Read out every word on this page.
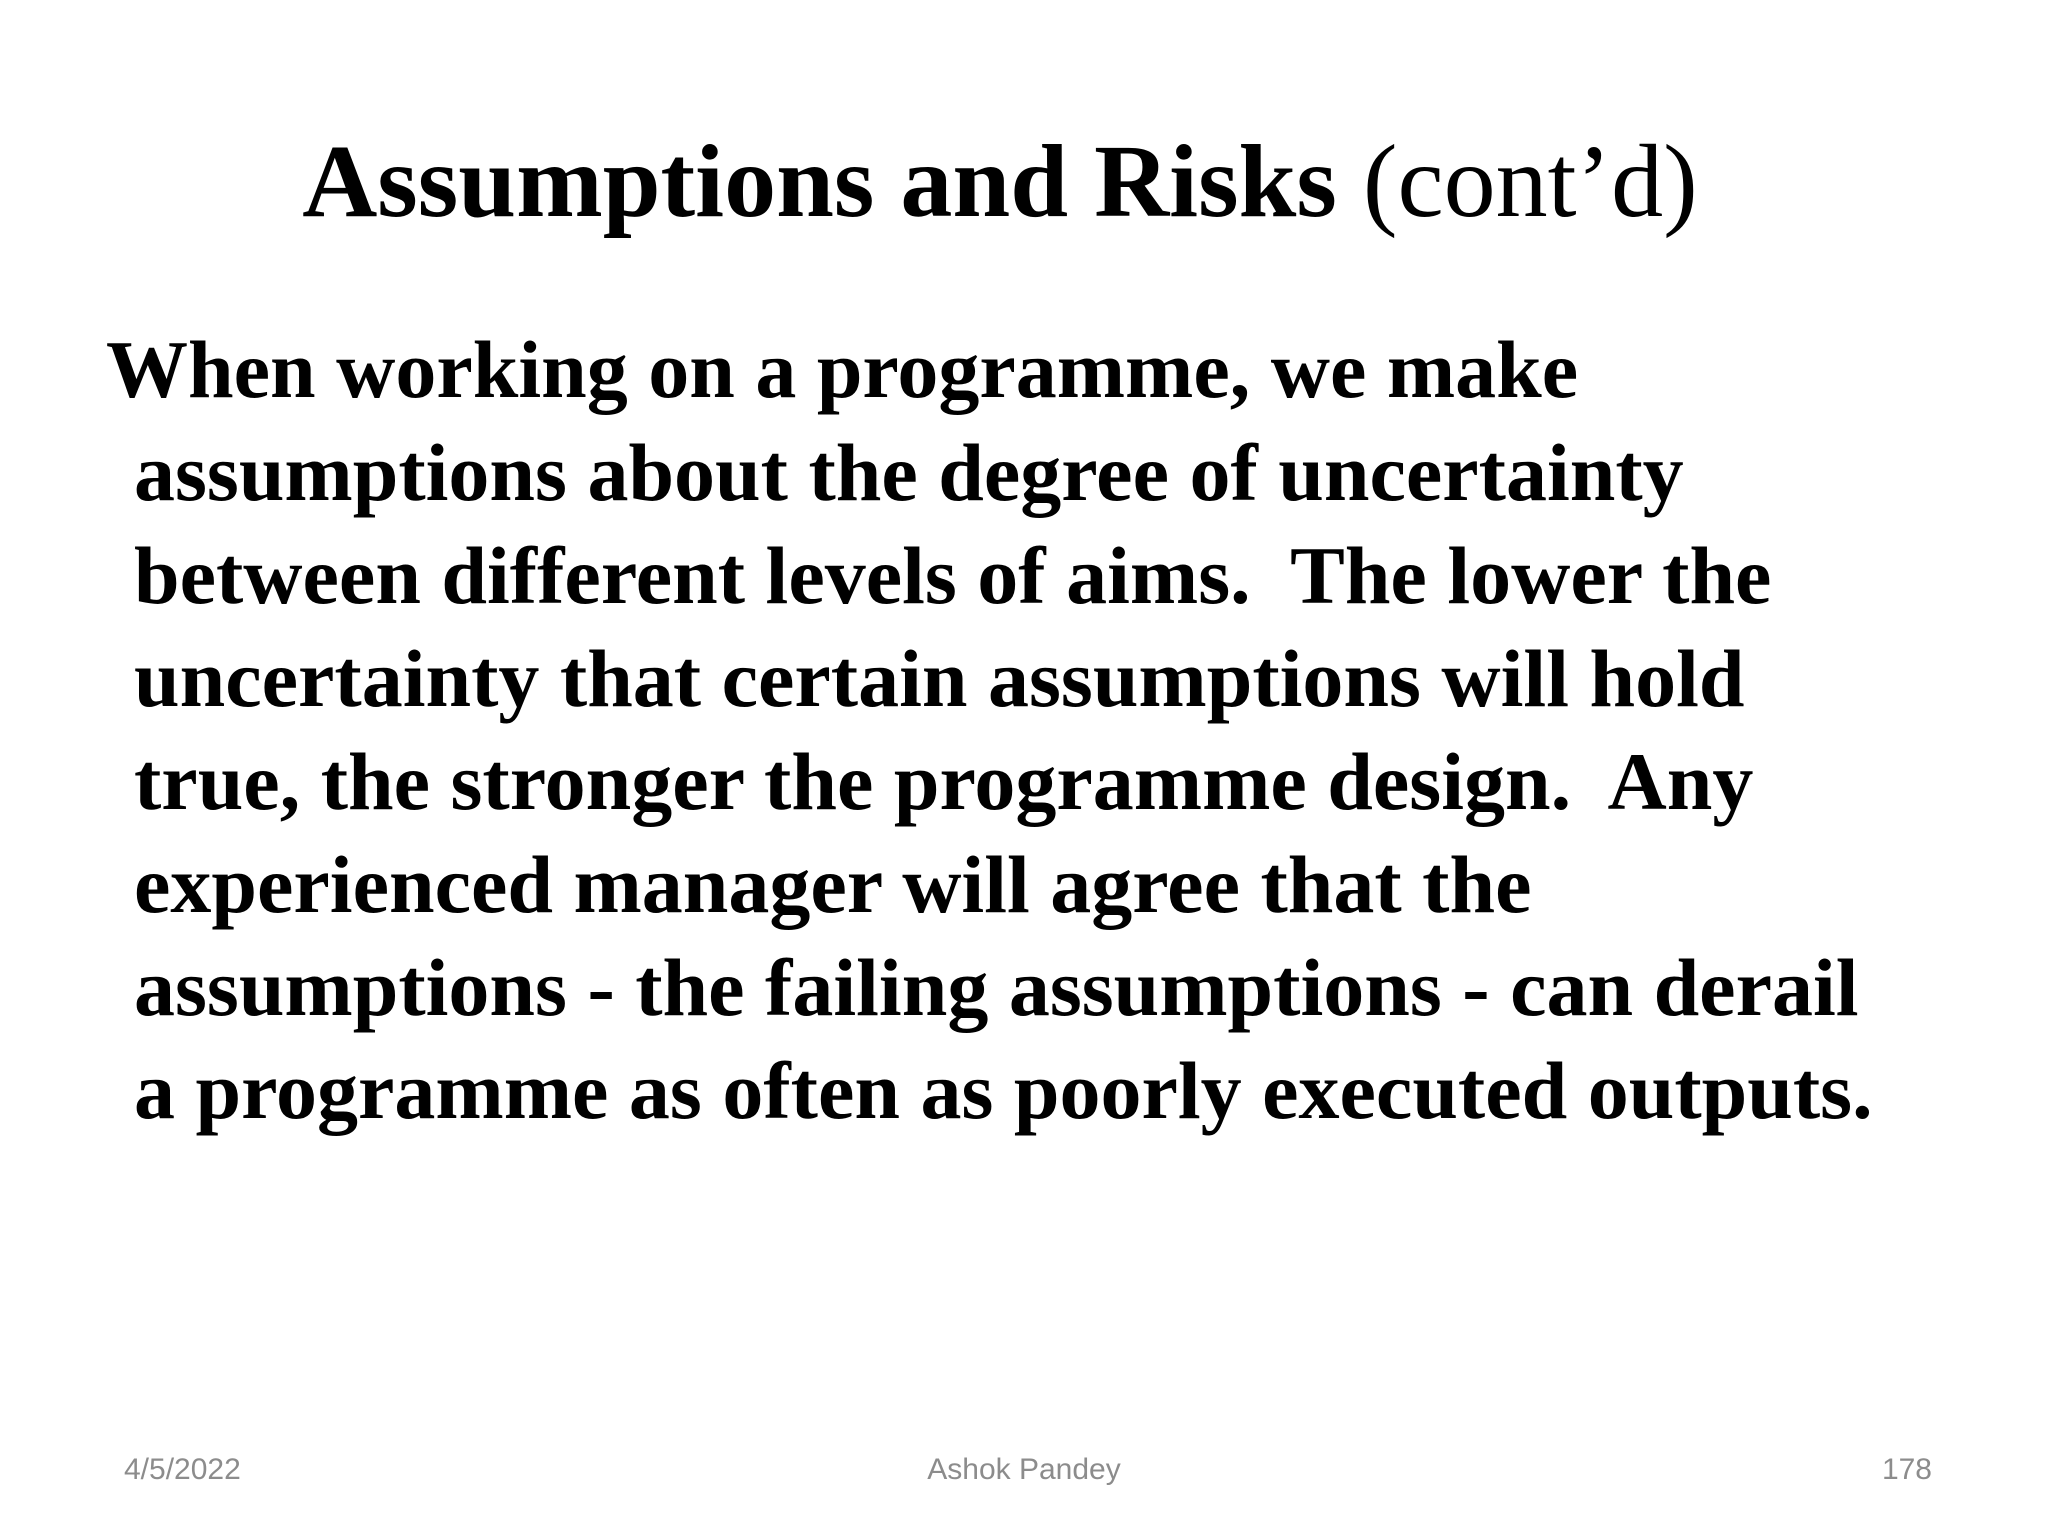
Assumptions and Risks (cont’d)
When working on a programme, we make
assumptions about the degree of uncertainty
between different levels of aims.  The lower the
uncertainty that certain assumptions will hold
true, the stronger the programme design.  Any
experienced manager will agree that the
assumptions - the failing assumptions - can derail
a programme as often as poorly executed outputs.
4/5/2022	Ashok Pandey	178
